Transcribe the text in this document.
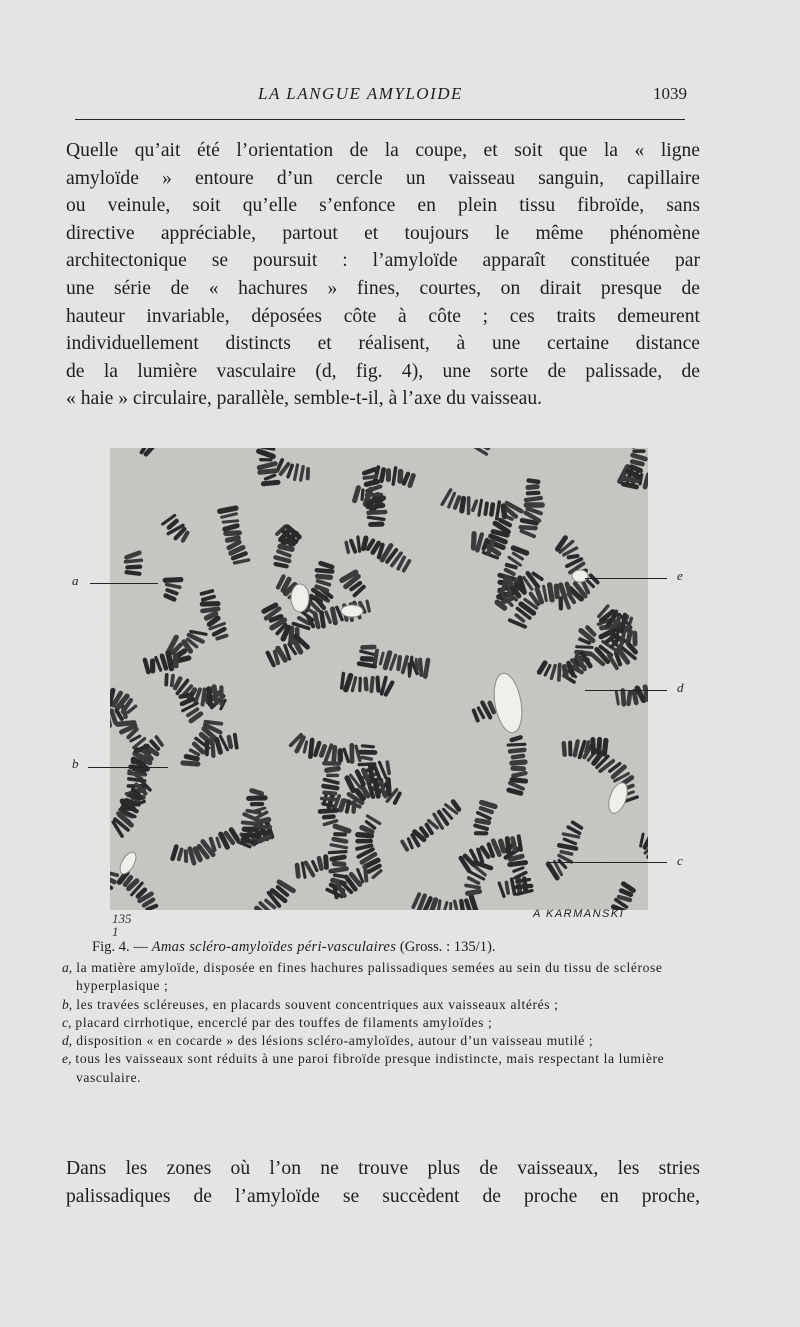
LA LANGUE AMYLOIDE	1039
Quelle qu’ait été l’orientation de la coupe, et soit que la « ligne
amyloïde » entoure d’un cercle un vaisseau sanguin, capillaire
ou veinule, soit qu’elle s’enfonce en plein tissu fibroïde, sans
directive appréciable, partout et toujours le même phénomène
architectonique se poursuit : l’amyloïde apparaît constituée par
une série de « hachures » fines, courtes, on dirait presque de
hauteur invariable, déposées côte à côte ; ces traits demeurent
individuellement distincts et réalisent, à une certaine distance
de la lumière vasculaire (d, fig. 4), une sorte de palissade, de
« haie » circulaire, parallèle, semble-t-il, à l’axe du vaisseau.
A KARMANSKI
135
1
a
b
e
d
c
Fig. 4. — Amas scléro-amyloïdes péri-vasculaires (Gross. : 135/1).
a, la matière amyloïde, disposée en fines hachures palissadiques semées au sein du tissu de sclérose hyperplasique ;
b, les travées scléreuses, en placards souvent concentriques aux vaisseaux altérés ;
c, placard cirrhotique, encerclé par des touffes de filaments amyloïdes ;
d, disposition « en cocarde » des lésions scléro-amyloïdes, autour d’un vaisseau mutilé ;
e, tous les vaisseaux sont réduits à une paroi fibroïde presque indistincte, mais respectant la lumière vasculaire.
Dans les zones où l’on ne trouve plus de vaisseaux, les stries
palissadiques de l’amyloïde se succèdent de proche en proche,
